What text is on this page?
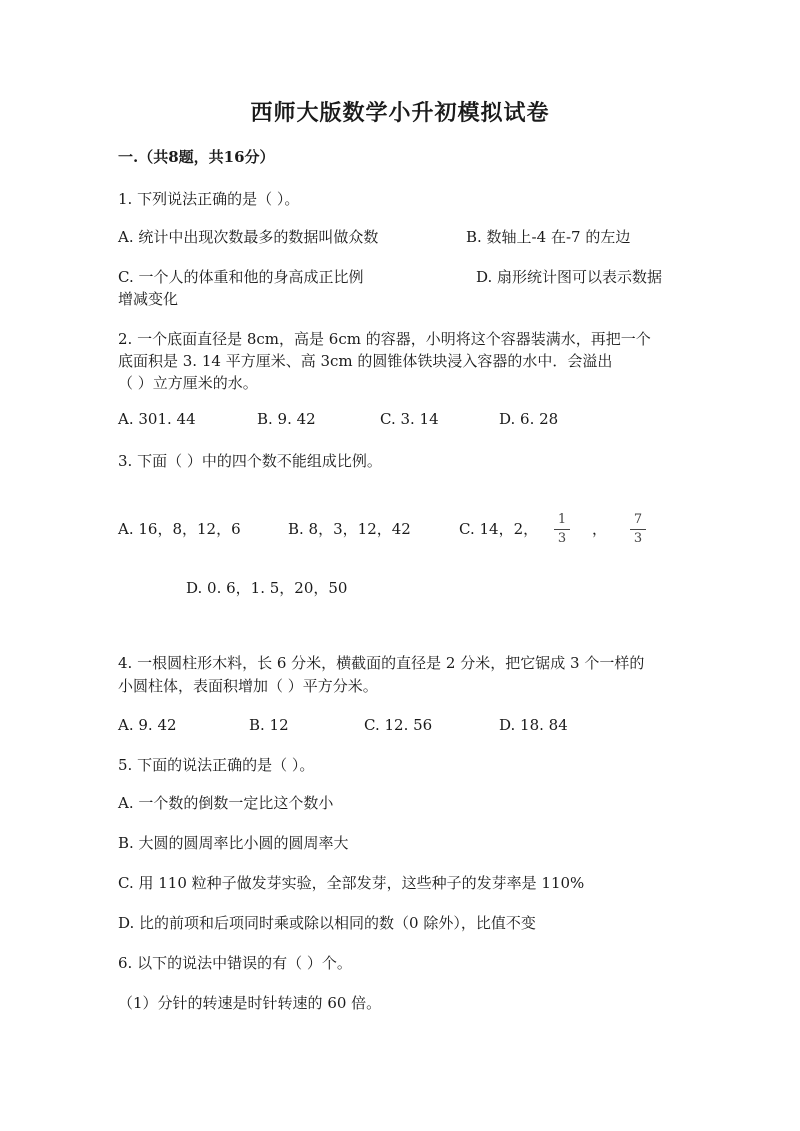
西师大版数学小升初模拟试卷
一.（共8题，共16分）
1. 下列说法正确的是（ ）。
A. 统计中出现次数最多的数据叫做众数	B. 数轴上-4 在-7 的左边
C. 一个人的体重和他的身高成正比例	D. 扇形统计图可以表示数据
增减变化
2. 一个底面直径是 8cm，高是 6cm 的容器，小明将这个容器装满水，再把一个
底面积是 3. 14 平方厘米、高 3cm 的圆锥体铁块浸入容器的水中．会溢出
（ ）立方厘米的水。
A. 301. 44	B. 9. 42	C. 3. 14	D. 6. 28
3. 下面（ ）中的四个数不能组成比例。
A. 16，8，12，6	B. 8，3，12，42	C. 14，2，
1
3
，
7
3
D. 0. 6，1. 5，20，50
4. 一根圆柱形木料，长 6 分米，横截面的直径是 2 分米，把它锯成 3 个一样的
小圆柱体，表面积增加（ ）平方分米。
A. 9. 42	B. 12	C. 12. 56	D. 18. 84
5. 下面的说法正确的是（ ）。
A. 一个数的倒数一定比这个数小
B. 大圆的圆周率比小圆的圆周率大
C. 用 110 粒种子做发芽实验，全部发芽，这些种子的发芽率是 110%
D. 比的前项和后项同时乘或除以相同的数（0 除外），比值不变
6. 以下的说法中错误的有（ ）个。
（1）分针的转速是时针转速的 60 倍。
